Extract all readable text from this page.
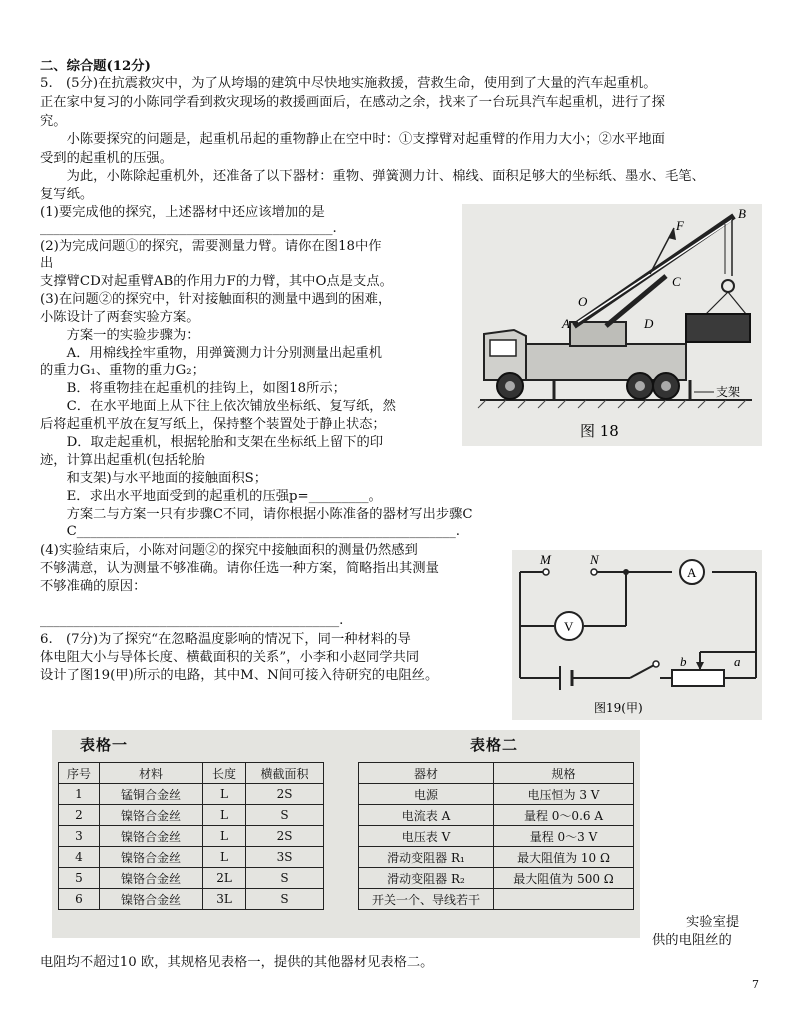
二、综合题(12分)
5.　(5分)在抗震救灾中，为了从垮塌的建筑中尽快地实施救援，营救生命，使用到了大量的汽车起重机。
正在家中复习的小陈同学看到救灾现场的救援画面后，在感动之余，找来了一台玩具汽车起重机，进行了探
究。
　　小陈要探究的问题是，起重机吊起的重物静止在空中时：①支撑臂对起重臂的作用力大小；②水平地面
受到的起重机的压强。
　　为此，小陈除起重机外，还准备了以下器材：重物、弹簧测力计、棉线、面积足够大的坐标纸、墨水、毛笔、
复写纸。
(1)要完成他的探究，上述器材中还应该增加的是
____________________________________________.
(2)为完成问题①的探究，需要测量力臂。请你在图18中作
出
支撑臂CD对起重臂AB的作用力F的力臂，其中O点是支点。
(3)在问题②的探究中，针对接触面积的测量中遇到的困难，
小陈设计了两套实验方案。
　　方案一的实验步骤为：
　　A．用棉线拴牢重物，用弹簧测力计分别测量出起重机
的重力G₁、重物的重力G₂；
　　B．将重物挂在起重机的挂钩上，如图18所示；
　　C．在水平地面上从下往上依次铺放坐标纸、复写纸，然
后将起重机平放在复写纸上，保持整个装置处于静止状态；
　　D．取走起重机，根据轮胎和支架在坐标纸上留下的印
迹，计算出起重机(包括轮胎
　　和支架)与水平地面的接触面积S；
　　E．求出水平地面受到的起重机的压强p=_________。
　　方案二与方案一只有步骤C不同，请你根据小陈准备的器材写出步骤C
　　C_________________________________________________________.
(4)实验结束后，小陈对问题②的探究中接触面积的测量仍然感到
不够满意，认为测量不够准确。请你任选一种方案，简略指出其测量
不够准确的原因：
_____________________________________________.
6.　(7分)为了探究“在忽略温度影响的情况下，同一种材料的导
体电阻大小与导体长度、横截面积的关系”，小李和小赵同学共同
设计了图19(甲)所示的电路，其中M、N间可接入待研究的电阻丝。
B
F
C
O
A	D
支架
图 18
M	N
A
V
b	a
图19(甲)
表格一	表格二
序号	材料	长度	横截面积
1	锰铜合金丝	L	2S
2	镍铬合金丝	L	S
3	镍铬合金丝	L	2S
4	镍铬合金丝	L	3S
5	镍铬合金丝	2L	S
6	镍铬合金丝	3L	S
器材	规格
电源	电压恒为 3 V
电流表 A	量程 0～0.6 A
电压表 V	量程 0～3 V
滑动变阻器 R₁	最大阻值为 10 Ω
滑动变阻器 R₂	最大阻值为 500 Ω
开关一个、导线若干	
实验室提
供的电阻丝的
电阻均不超过10 欧，其规格见表格一，提供的其他器材见表格二。
7
